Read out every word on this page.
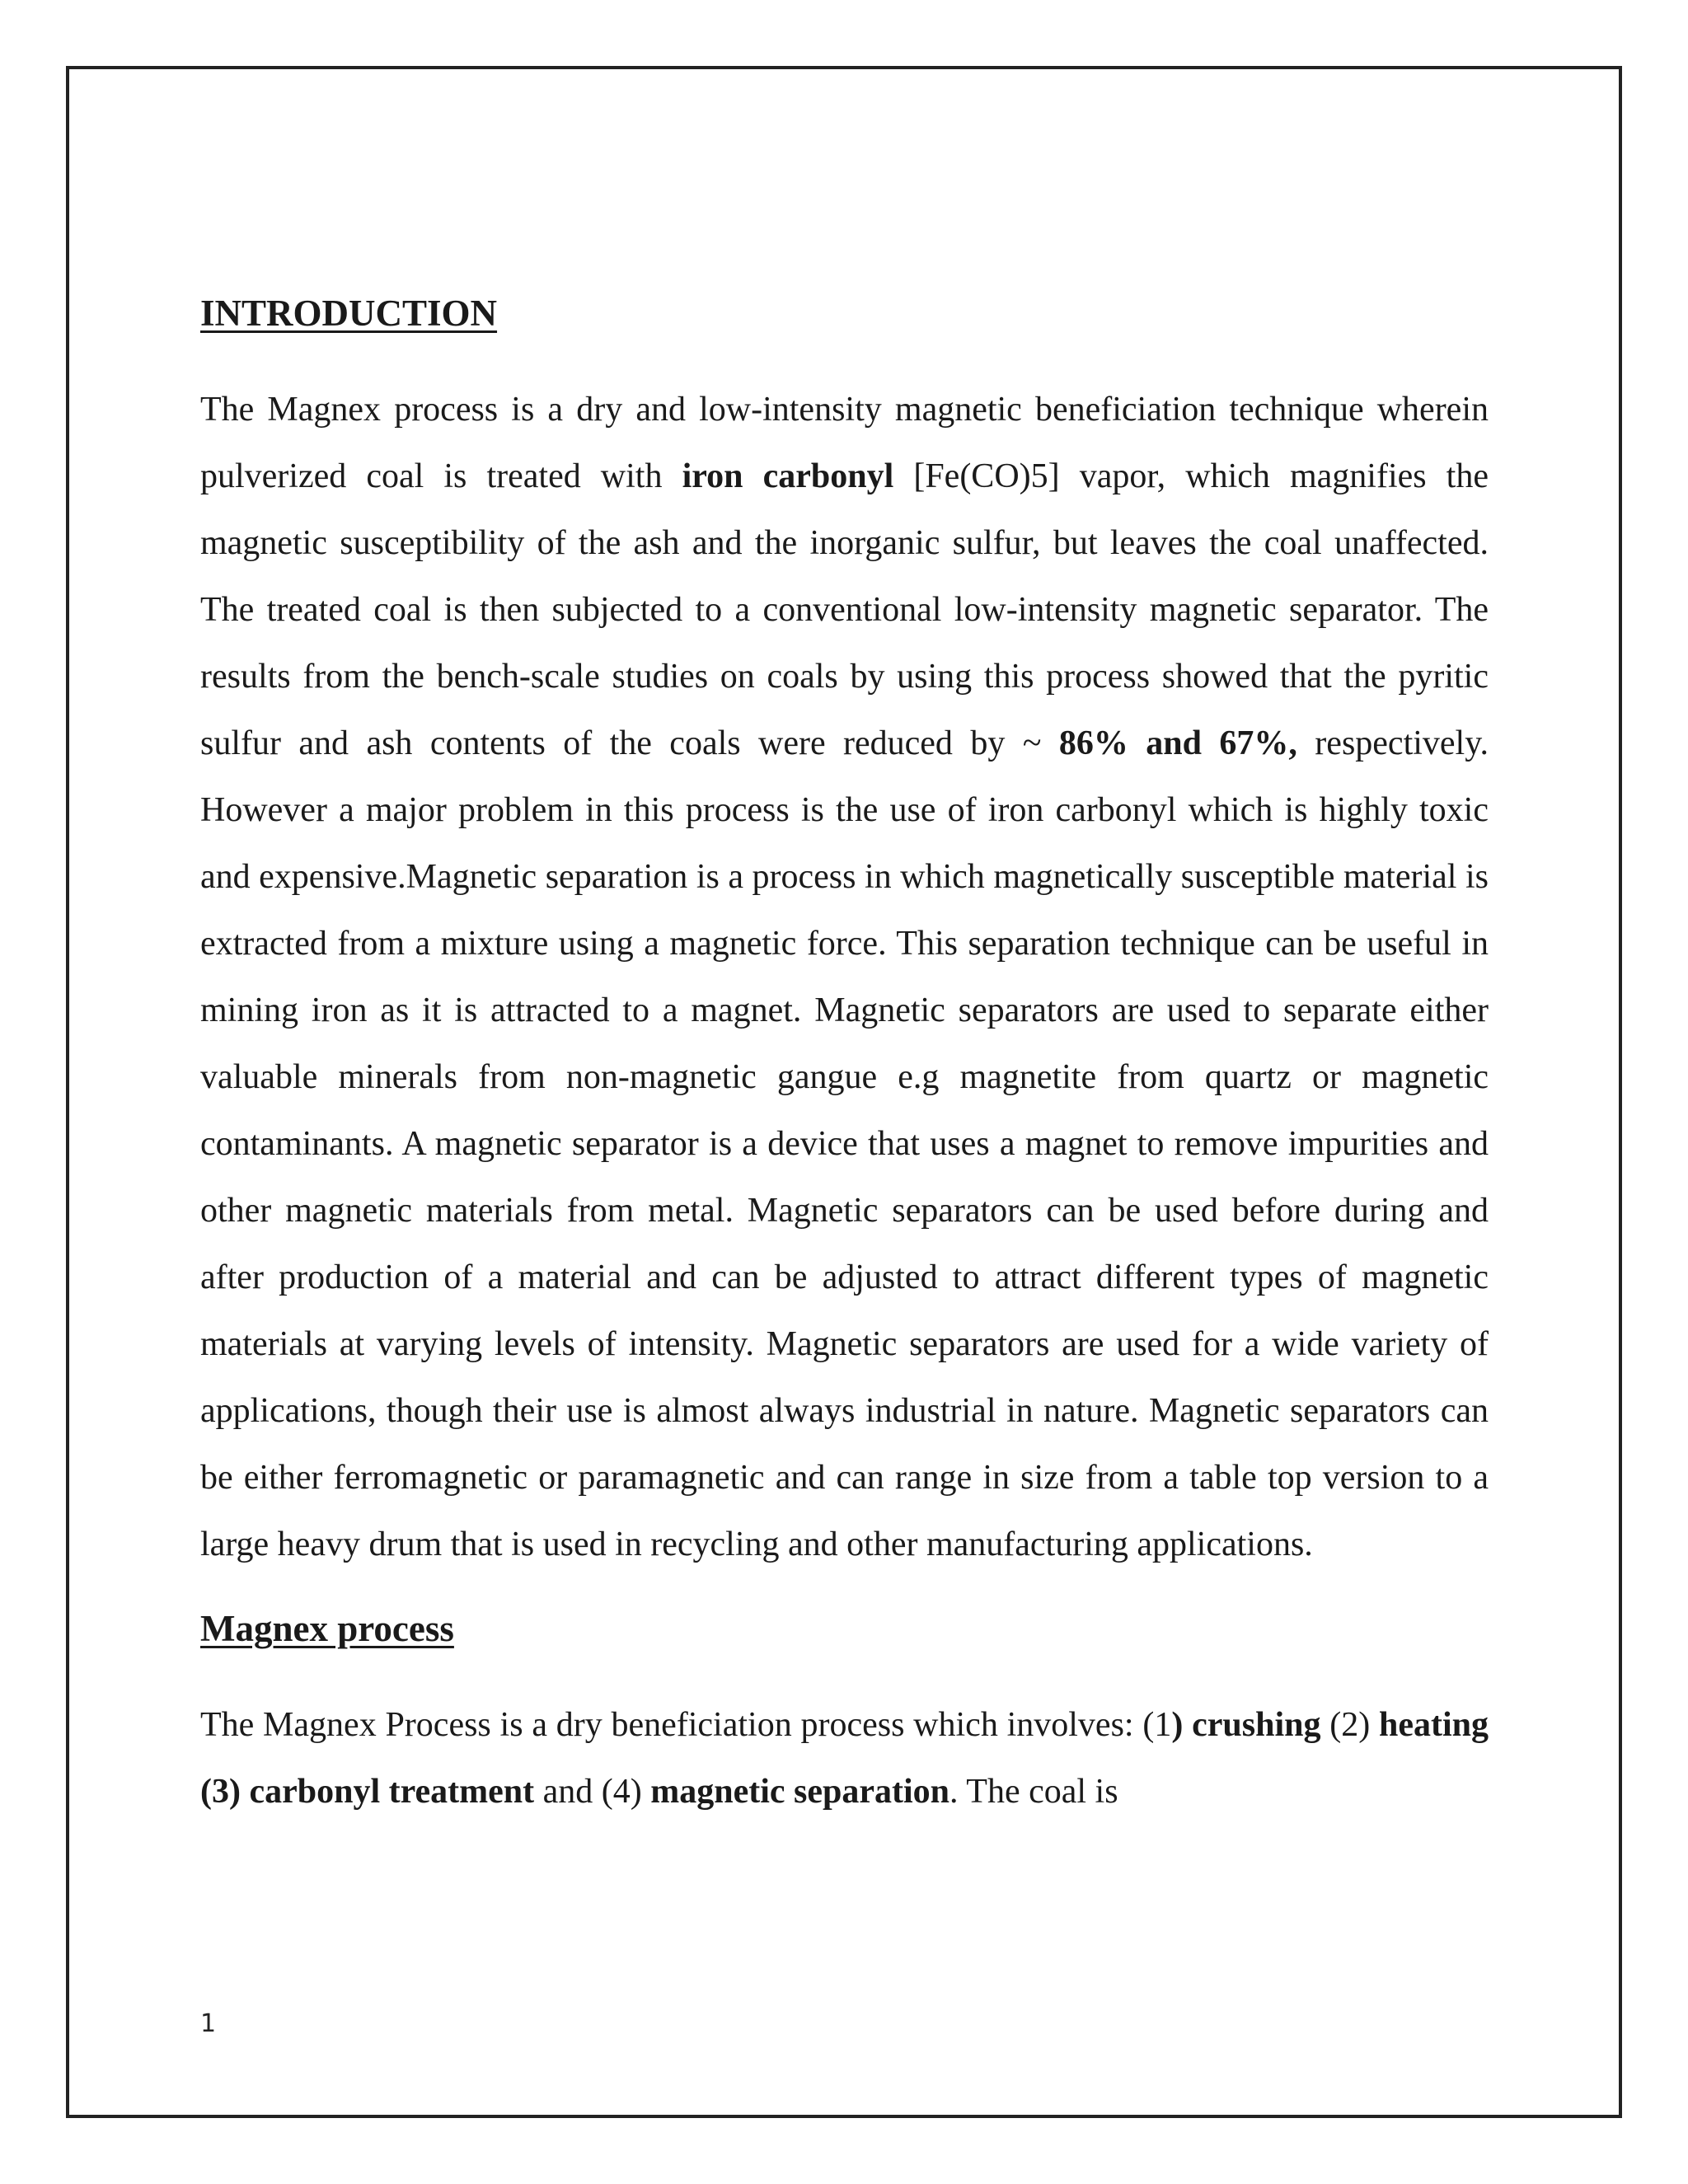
INTRODUCTION

The Magnex process is a dry and low-intensity magnetic beneficiation technique wherein pulverized coal is treated with iron carbonyl [Fe(CO)5] vapor, which magnifies the magnetic susceptibility of the ash and the inorganic sulfur, but leaves the coal unaffected. The treated coal is then subjected to a conventional low-intensity magnetic separator. The results from the bench-scale studies on coals by using this process showed that the pyritic sulfur and ash contents of the coals were reduced by ~ 86% and 67%, respectively. However a major problem in this process is the use of iron carbonyl which is highly toxic and expensive.Magnetic separation is a process in which magnetically susceptible material is extracted from a mixture using a magnetic force. This separation technique can be useful in mining iron as it is attracted to a magnet. Magnetic separators are used to separate either valuable minerals from non-magnetic gangue e.g magnetite from quartz or magnetic contaminants. A magnetic separator is a device that uses a magnet to remove impurities and other magnetic materials from metal. Magnetic separators can be used before during and after production of a material and can be adjusted to attract different types of magnetic materials at varying levels of intensity. Magnetic separators are used for a wide variety of applications, though their use is almost always industrial in nature. Magnetic separators can be either ferromagnetic or paramagnetic and can range in size from a table top version to a large heavy drum that is used in recycling and other manufacturing applications.

Magnex process

The Magnex Process is a dry beneficiation process which involves: (1) crushing (2) heating (3) carbonyl treatment and (4) magnetic separation. The coal is

1
